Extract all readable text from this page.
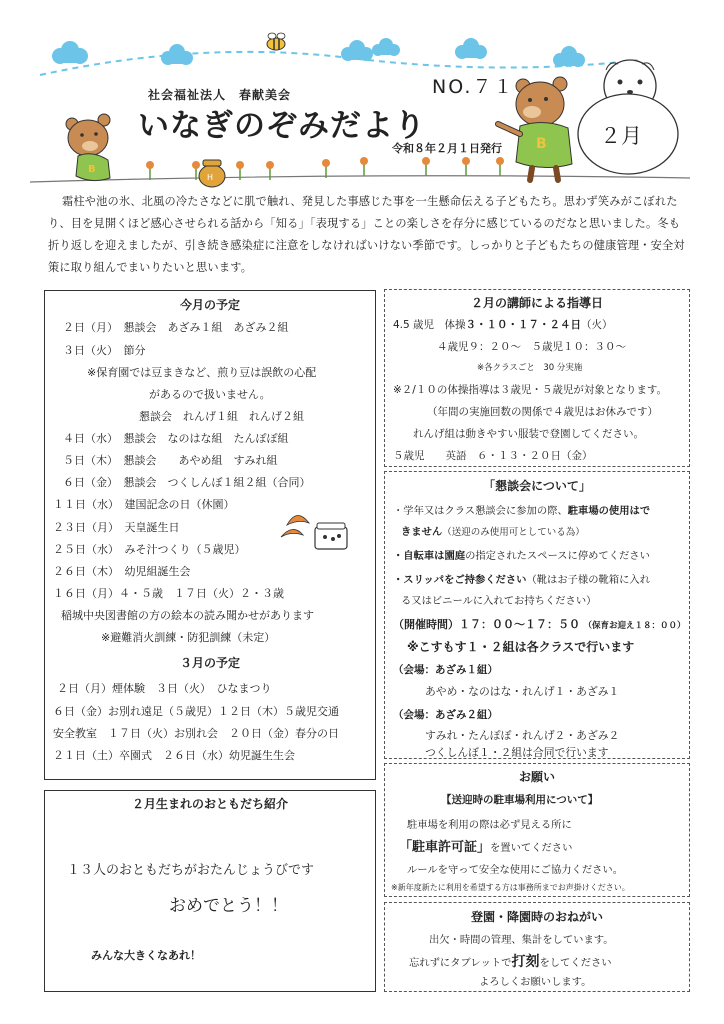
B
H
B
社会福祉法人　春献美会
いなぎのぞみだより
NO.７１
令和８年２月１日発行
２月
霜柱や池の氷、北風の冷たさなどに肌で触れ、発見した事感じた事を一生懸命伝える子どもたち。思わず笑みがこぼれたり、目を見開くほど感心させられる話から「知る」「表現する」ことの楽しさを存分に感じているのだなと思いました。冬も折り返しを迎えましたが、引き続き感染症に注意をしなければいけない季節です。しっかりと子どもたちの健康管理・安全対策に取り組んでまいりたいと思います。
今月の予定
２日（月）　懇談会　あざみ１組　あざみ２組
３日（火）　節分
※保育園では豆まきなど、煎り豆は誤飲の心配
があるので扱いません。
懇談会　れんげ１組　れんげ２組
４日（水）　懇談会　なのはな組　たんぽぽ組
５日（木）　懇談会　　あやめ組　すみれ組
６日（金）　懇談会　つくしんぼ１組２組（合同）
１１日（水）　建国記念の日（休園）
２３日（月）　天皇誕生日
２５日（水）　みそ汁つくり（５歳児）
２６日（木）　幼児組誕生会
１６日（月）４・５歳　１７日（火）２・３歳
稲城中央図書館の方の絵本の読み聞かせがあります
※避難消火訓練・防犯訓練（未定）
３月の予定
２日（月）煙体験　３日（火）　ひなまつり
６日（金）お別れ遠足（５歳児）１２日（木）５歳児交通
安全教室　１７日（火）お別れ会　２０日（金）春分の日
２１日（土）卒園式　２６日（水）幼児誕生生会
２月生まれのおともだち紹介
１３人のおともだちがおたんじょうびです
おめでとう！！
みんな大きくなあれ！
２月の講師による指導日
4.5 歳児　体操３・１０・１７・２４日（火）
４歳児９：２０～　５歳児１０：３０～
※各クラスごと　30 分実施
※２/１０の体操指導は３歳児・５歳児が対象となります。
（年間の実施回数の関係で４歳児はお休みです）
れんげ組は動きやすい服装で登園してください。
５歳児　　英語　６・１３・２０日（金）
「懇談会について」
・学年又はクラス懇談会に参加の際、駐車場の使用はで
きません（送迎のみ使用可としている為）
・自転車は園庭の指定されたスペースに停めてください
・スリッパをご持参ください（靴はお子様の靴箱に入れ
る又はビニールに入れてお持ちください）
（開催時間）１７：００～１７：５０ （保育お迎え１８：００）
※こすもす１・２組は各クラスで行います
（会場：あざみ１組）
あやめ・なのはな・れんげ１・あざみ１
（会場：あざみ２組）
すみれ・たんぽぽ・れんげ２・あざみ２
つくしんぼ１・２組は合同で行います
お願い
【送迎時の駐車場利用について】
駐車場を利用の際は必ず見える所に
「駐車許可証」を置いてください
ルールを守って安全な使用にご協力ください。
※新年度新たに利用を希望する方は事務所までお声掛けください。
登園・降園時のおねがい
出欠・時間の管理、集計をしています。
忘れずにタブレットで打刻をしてください
よろしくお願いします。
